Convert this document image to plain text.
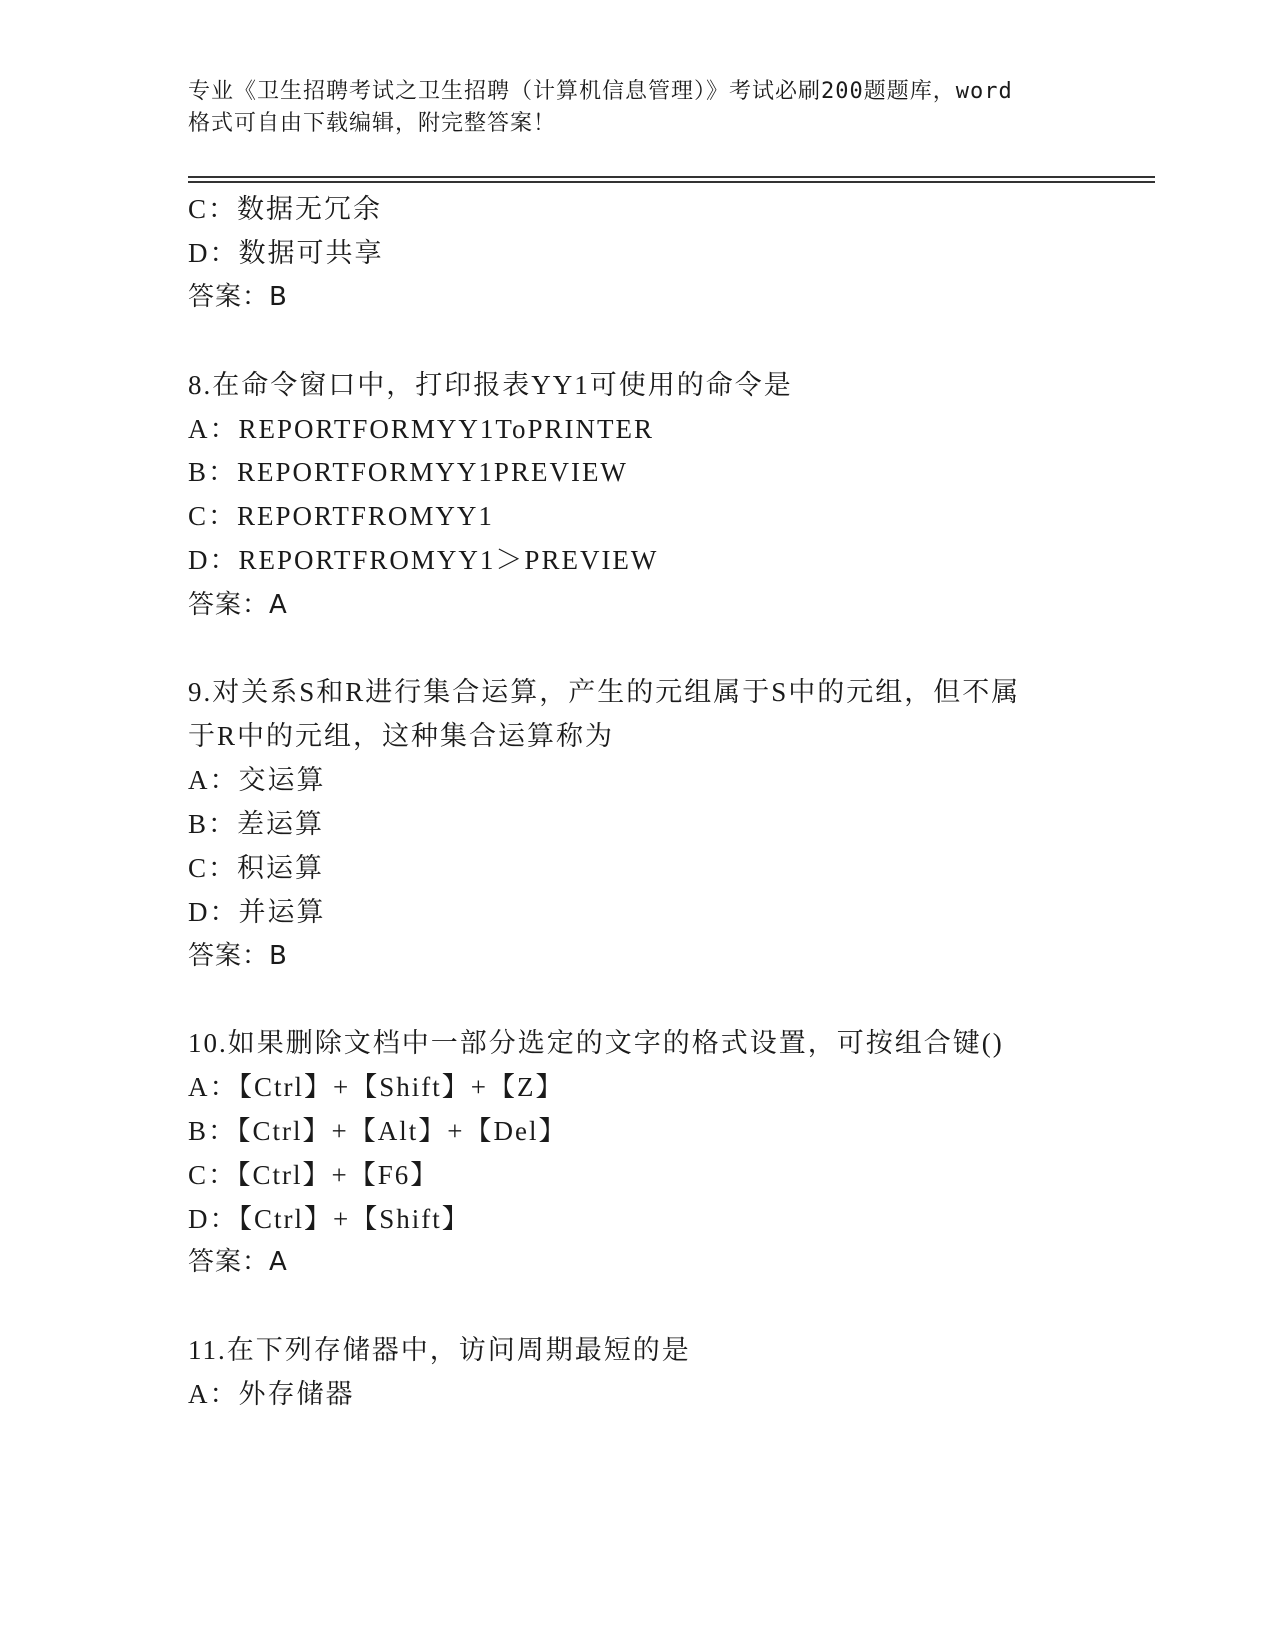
专业《卫生招聘考试之卫生招聘（计算机信息管理）》考试必刷200题题库，word
格式可自由下载编辑，附完整答案！
C：数据无冗余
D：数据可共享
答案：B
8.在命令窗口中，打印报表YY1可使用的命令是
A：REPORTFORMYY1ToPRINTER
B：REPORTFORMYY1PREVIEW
C：REPORTFROMYY1
D：REPORTFROMYY1＞PREVIEW
答案：A
9.对关系S和R进行集合运算，产生的元组属于S中的元组，但不属
于R中的元组，这种集合运算称为
A：交运算
B：差运算
C：积运算
D：并运算
答案：B
10.如果删除文档中一部分选定的文字的格式设置，可按组合键()
A：【Ctrl】+【Shift】+【Z】
B：【Ctrl】+【Alt】+【Del】
C：【Ctrl】+【F6】
D：【Ctrl】+【Shift】
答案：A
11.在下列存储器中，访问周期最短的是
A：外存储器
